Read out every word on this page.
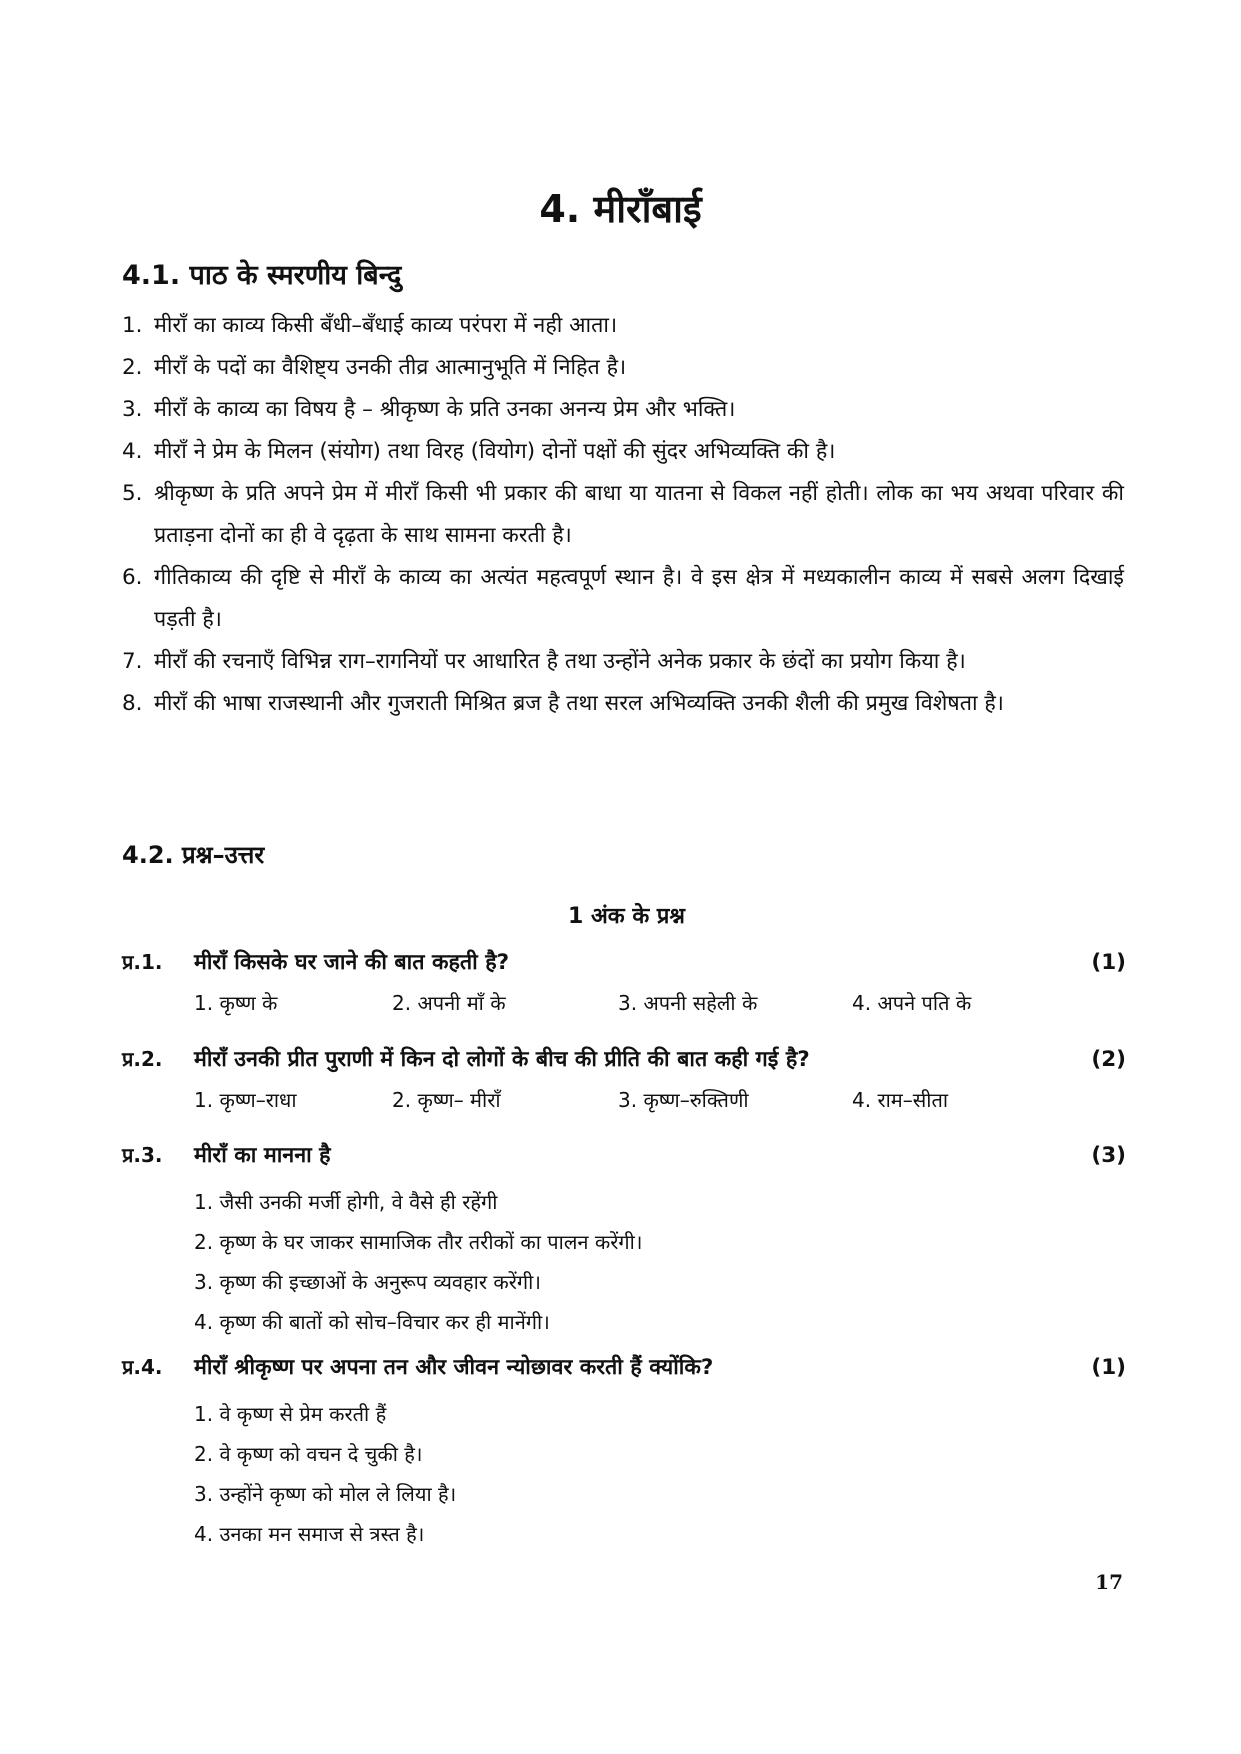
4. मीराँबाई
4.1. पाठ के स्मरणीय बिन्दु
1. मीराँ का काव्य किसी बँधी–बँधाई काव्य परंपरा में नही आता।
2. मीराँ के पदों का वैशिष्ट्य उनकी तीव्र आत्मानुभूति में निहित है।
3. मीराँ के काव्य का विषय है – श्रीकृष्ण के प्रति उनका अनन्य प्रेम और भक्ति।
4. मीराँ ने प्रेम के मिलन (संयोग) तथा विरह (वियोग) दोनों पक्षों की सुंदर अभिव्यक्ति की है।
5. श्रीकृष्ण के प्रति अपने प्रेम में मीराँ किसी भी प्रकार की बाधा या यातना से विकल नहीं होती। लोक का भय अथवा परिवार की प्रताड़ना दोनों का ही वे दृढ़ता के साथ सामना करती है।
6. गीतिकाव्य की दृष्टि से मीराँ के काव्य का अत्यंत महत्वपूर्ण स्थान है। वे इस क्षेत्र में मध्यकालीन काव्य में सबसे अलग दिखाई पड़ती है।
7. मीराँ की रचनाएँ विभिन्न राग–रागनियों पर आधारित है तथा उन्होंने अनेक प्रकार के छंदों का प्रयोग किया है।
8. मीराँ की भाषा राजस्थानी और गुजराती मिश्रित ब्रज है तथा सरल अभिव्यक्ति उनकी शैली की प्रमुख विशेषता है।
4.2. प्रश्न–उत्तर
1 अंक के प्रश्न
प्र.1.	मीराँ किसके घर जाने की बात कहती है?	(1)
1. कृष्ण के	2. अपनी माँ के	3. अपनी सहेली के	4. अपने पति के
प्र.2.	मीराँ उनकी प्रीत पुराणी में किन दो लोगों के बीच की प्रीति की बात कही गई है?	(2)
1. कृष्ण–राधा	2. कृष्ण– मीराँ	3. कृष्ण–रुक्तिणी	4. राम–सीता
प्र.3.	मीराँ का मानना है	(3)
1. जैसी उनकी मर्जी होगी, वे वैसे ही रहेंगी
2. कृष्ण के घर जाकर सामाजिक तौर तरीकों का पालन करेंगी।
3. कृष्ण की इच्छाओं के अनुरूप व्यवहार करेंगी।
4. कृष्ण की बातों को सोच–विचार कर ही मानेंगी।
प्र.4.	मीराँ श्रीकृष्ण पर अपना तन और जीवन न्योछावर करती हैं क्योंकि?	(1)
1. वे कृष्ण से प्रेम करती हैं
2. वे कृष्ण को वचन दे चुकी है।
3. उन्होंने कृष्ण को मोल ले लिया है।
4. उनका मन समाज से त्रस्त है।
17
